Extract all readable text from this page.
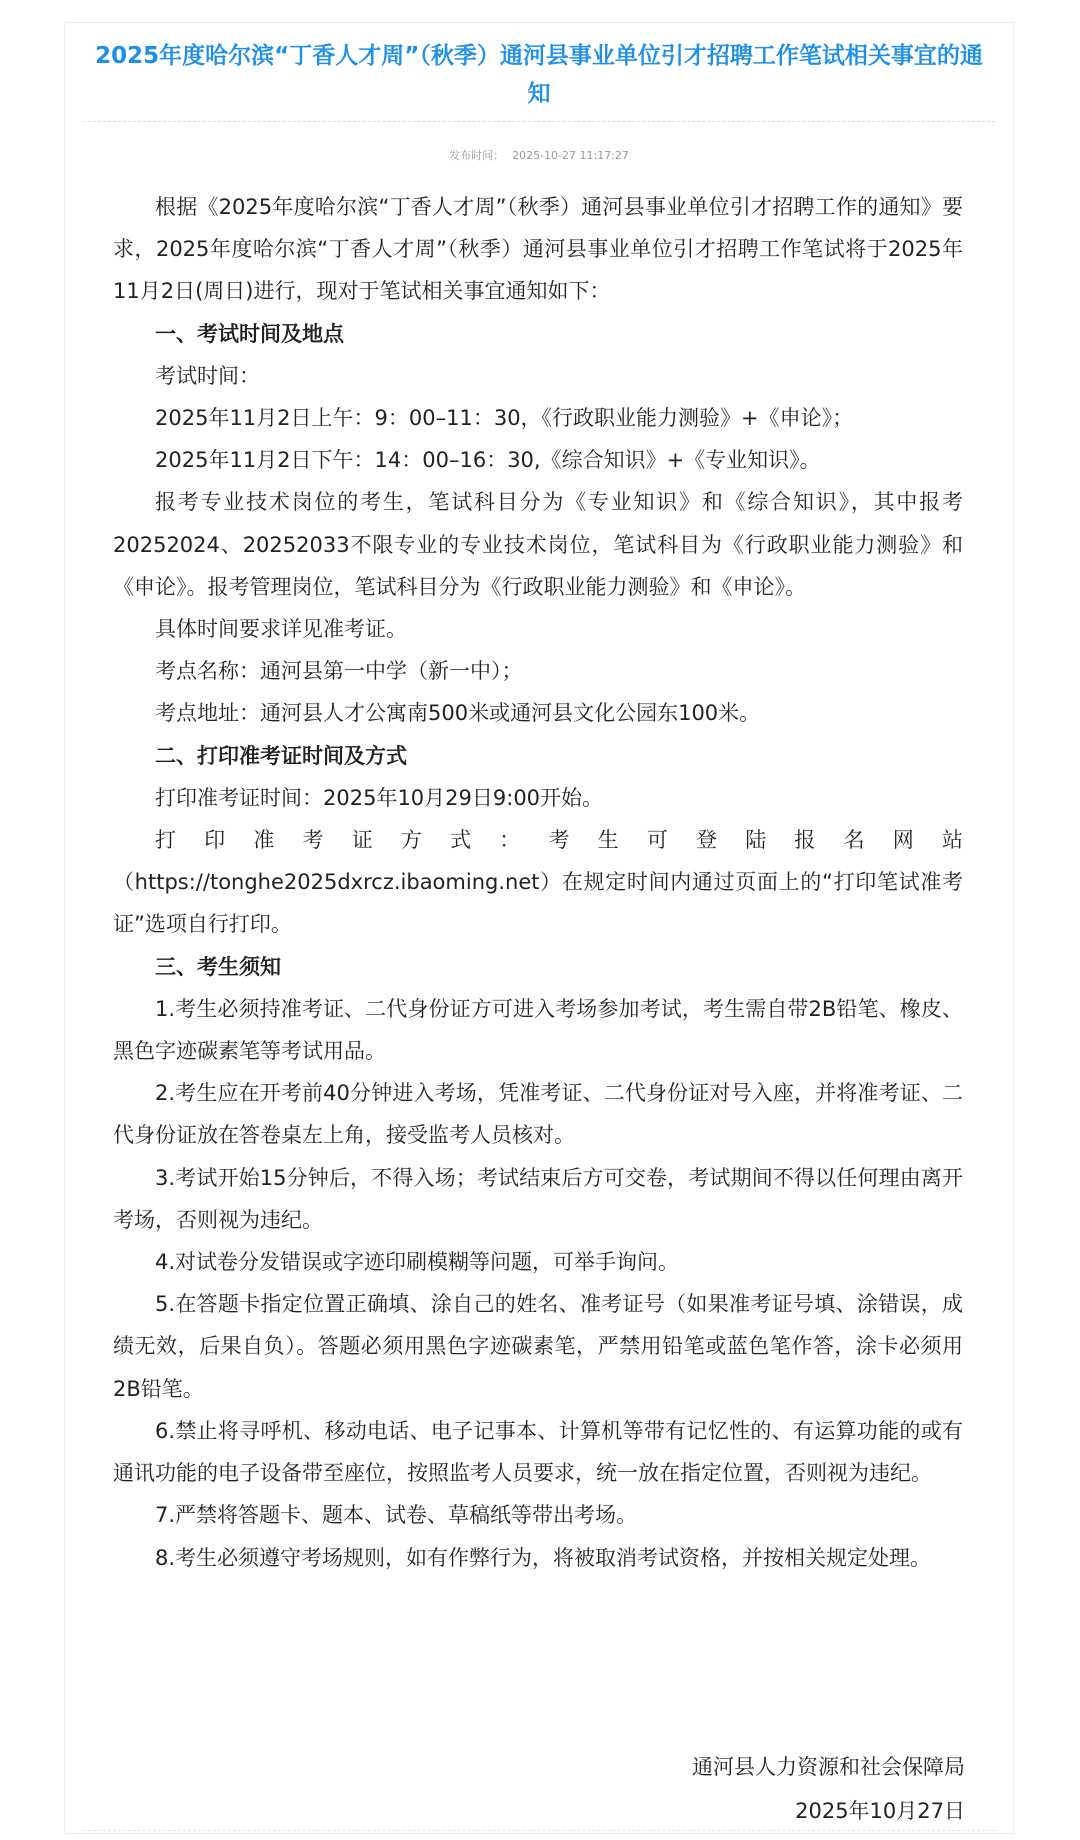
2025年度哈尔滨“丁香人才周”（秋季）通河县事业单位引才招聘工作笔试相关事宜的通知
发布时间： 2025-10-27 11:17:27

根据《2025年度哈尔滨“丁香人才周”（秋季）通河县事业单位引才招聘工作的通知》要求，2025年度哈尔滨“丁香人才周”（秋季）通河县事业单位引才招聘工作笔试将于2025年11月2日(周日)进行，现对于笔试相关事宜通知如下：

一、考试时间及地点

考试时间：

2025年11月2日上午：9：00–11：30，《行政职业能力测验》+《申论》；

2025年11月2日下午：14：00–16：30,《综合知识》+《专业知识》。

报考专业技术岗位的考生，笔试科目分为《专业知识》和《综合知识》，其中报考20252024、20252033不限专业的专业技术岗位，笔试科目为《行政职业能力测验》和《申论》。报考管理岗位，笔试科目分为《行政职业能力测验》和《申论》。

具体时间要求详见准考证。

考点名称：通河县第一中学（新一中）；

考点地址：通河县人才公寓南500米或通河县文化公园东100米。

二、打印准考证时间及方式

打印准考证时间：2025年10月29日9:00开始。

打印准考证方式：考生可登陆报名网站

（https://tonghe2025dxrcz.ibaoming.net）在规定时间内通过页面上的“打印笔试准考证”选项自行打印。

三、考生须知

1.考生必须持准考证、二代身份证方可进入考场参加考试，考生需自带2B铅笔、橡皮、 黑色字迹碳素笔等考试用品。

2.考生应在开考前40分钟进入考场，凭准考证、二代身份证对号入座，并将准考证、二代身份证放在答卷桌左上角，接受监考人员核对。

3.考试开始15分钟后，不得入场；考试结束后方可交卷，考试期间不得以任何理由离开考场，否则视为违纪。

4.对试卷分发错误或字迹印刷模糊等问题，可举手询问。

5.在答题卡指定位置正确填、涂自己的姓名、准考证号（如果准考证号填、涂错误，成绩无效，后果自负）。答题必须用黑色字迹碳素笔，严禁用铅笔或蓝色笔作答，涂卡必须用2B铅笔。

6.禁止将寻呼机、移动电话、电子记事本、计算机等带有记忆性的、有运算功能的或有通讯功能的电子设备带至座位，按照监考人员要求，统一放在指定位置，否则视为违纪。

7.严禁将答题卡、题本、试卷、草稿纸等带出考场。

8.考生必须遵守考场规则，如有作弊行为，将被取消考试资格，并按相关规定处理。

通河县人力资源和社会保障局
2025年10月27日
